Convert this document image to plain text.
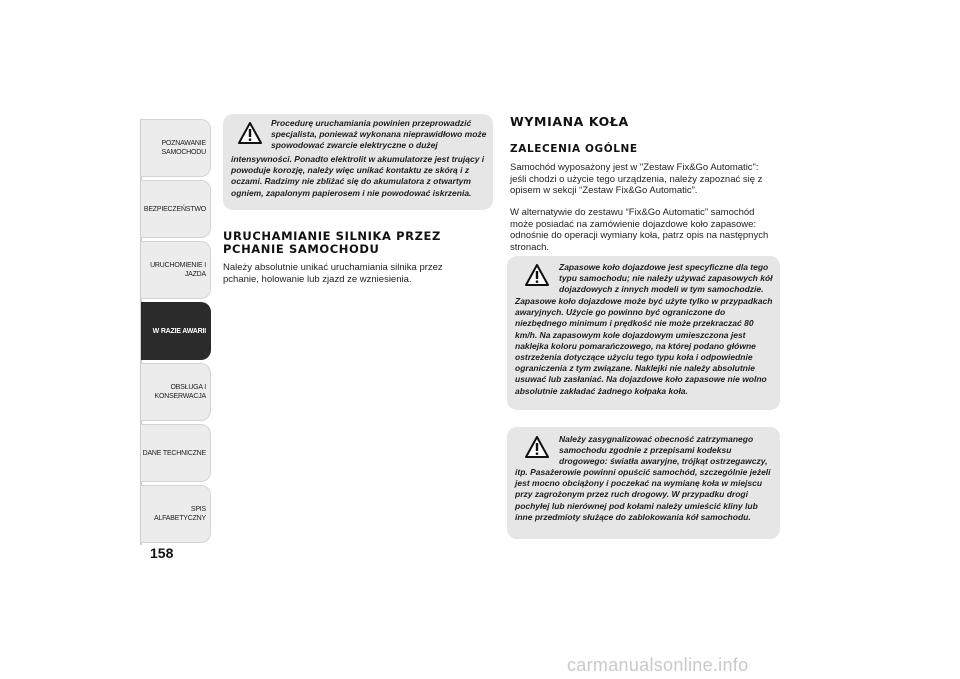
POZNAWANIE
SAMOCHODU
BEZPIECZEŃSTWO
URUCHOMIENIE I
JAZDA
W RAZIE AWARII
OBSŁUGA I
KONSERWACJA
DANE TECHNICZNE
SPIS ALFABETYCZNY
158
Procedurę uruchamiania powinien przeprowadzić specjalista, ponieważ wykonana nieprawidłowo może spowodować zwarcie elektryczne o dużej
intensywności. Ponadto elektrolit w akumulatorze jest trujący i powoduje korozję, należy więc unikać kontaktu ze skórą i z oczami. Radzimy nie zbliżać się do akumulatora z otwartym ogniem, zapalonym papierosem i nie powodować iskrzenia.
URUCHAMIANIE SILNIKA PRZEZ PCHANIE SAMOCHODU

Należy absolutnie unikać uruchamiania silnika przez pchanie, holowanie lub zjazd ze wzniesienia.

WYMIANA KOŁA
ZALECENIA OGÓLNE

Samochód wyposażony jest w "Zestaw Fix&Go Automatic": jeśli chodzi o użycie tego urządzenia, należy zapoznać się z opisem w sekcji “Zestaw Fix&Go Automatic”.

W alternatywie do zestawu “Fix&Go Automatic” samochód może posiadać na zamówienie dojazdowe koło zapasowe: odnośnie do operacji wymiany koła, patrz opis na następnych stronach.

Zapasowe koło dojazdowe jest specyficzne dla tego typu samochodu; nie należy używać zapasowych kół dojazdowych z innych modeli w tym samochodzie.
Zapasowe koło dojazdowe może być użyte tylko w przypadkach awaryjnych. Użycie go powinno być ograniczone do niezbędnego minimum i prędkość nie może przekraczać 80 km/h. Na zapasowym kole dojazdowym umieszczona jest naklejka koloru pomarańczowego, na której podano główne ostrzeżenia dotyczące użyciu tego typu koła i odpowiednie ograniczenia z tym związane. Naklejki nie należy absolutnie usuwać lub zasłaniać. Na dojazdowe koło zapasowe nie wolno absolutnie zakładać żadnego kołpaka koła.
Należy zasygnalizować obecność zatrzymanego samochodu zgodnie z przepisami kodeksu drogowego: światła awaryjne, trójkąt ostrzegawczy,
itp. Pasażerowie powinni opuścić samochód, szczególnie jeżeli jest mocno obciążony i poczekać na wymianę koła w miejscu przy zagrożonym przez ruch drogowy. W przypadku drogi pochyłej lub nierównej pod kołami należy umieścić kliny lub inne przedmioty służące do zablokowania kół samochodu.
carmanualsonline.info
